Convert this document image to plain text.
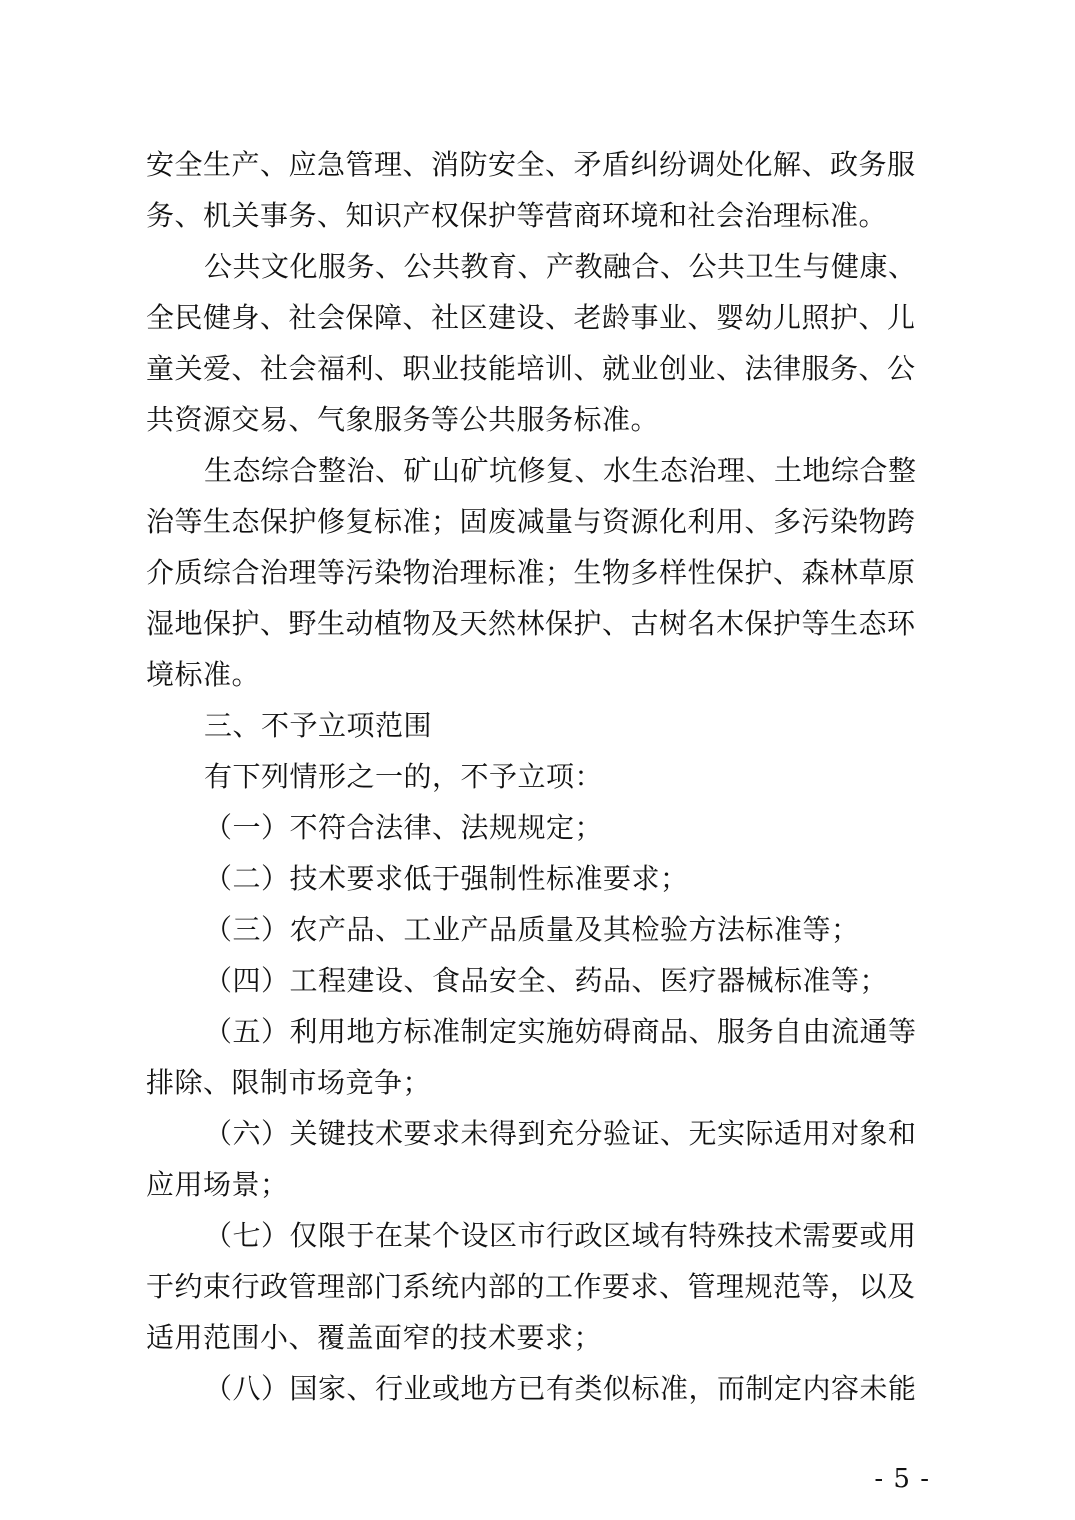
安全生产、应急管理、消防安全、矛盾纠纷调处化解、政务服
务、机关事务、知识产权保护等营商环境和社会治理标准。
公共文化服务、公共教育、产教融合、公共卫生与健康、
全民健身、社会保障、社区建设、老龄事业、婴幼儿照护、儿
童关爱、社会福利、职业技能培训、就业创业、法律服务、公
共资源交易、气象服务等公共服务标准。
生态综合整治、矿山矿坑修复、水生态治理、土地综合整
治等生态保护修复标准；固废减量与资源化利用、多污染物跨
介质综合治理等污染物治理标准；生物多样性保护、森林草原
湿地保护、野生动植物及天然林保护、古树名木保护等生态环
境标准。
三、不予立项范围
有下列情形之一的，不予立项：
（一）不符合法律、法规规定；
（二）技术要求低于强制性标准要求；
（三）农产品、工业产品质量及其检验方法标准等；
（四）工程建设、食品安全、药品、医疗器械标准等；
（五）利用地方标准制定实施妨碍商品、服务自由流通等
排除、限制市场竞争；
（六）关键技术要求未得到充分验证、无实际适用对象和
应用场景；
（七）仅限于在某个设区市行政区域有特殊技术需要或用
于约束行政管理部门系统内部的工作要求、管理规范等，以及
适用范围小、覆盖面窄的技术要求；
（八）国家、行业或地方已有类似标准，而制定内容未能
- 5 -
